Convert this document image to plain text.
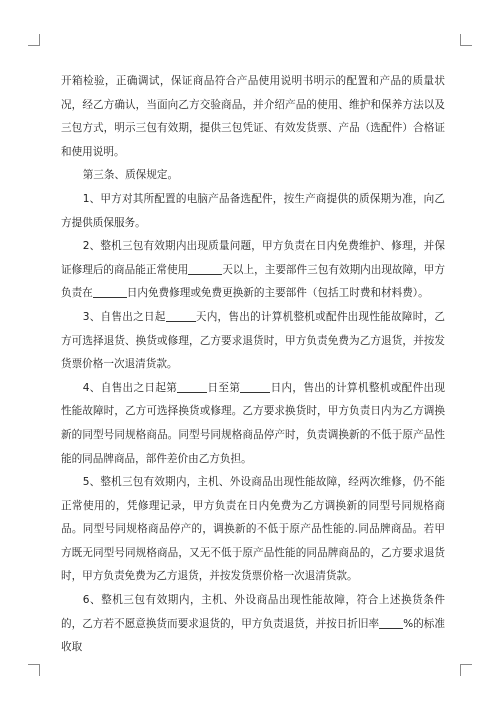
开箱检验，正确调试，保证商品符合产品使用说明书明示的配置和产品的质量状况，经乙方确认，当面向乙方交验商品，并介绍产品的使用、维护和保养方法以及三包方式，明示三包有效期，提供三包凭证、有效发货票、产品（选配件）合格证和使用说明。

第三条、质保规定。

1、甲方对其所配置的电脑产品备选配件，按生产商提供的质保期为准，向乙方提供质保服务。

2、整机三包有效期内出现质量问题，甲方负责在日内免费维护、修理，并保证修理后的商品能正常使用	天以上，主要部件三包有效期内出现故障，甲方负责在	日内免费修理或免费更换新的主要部件（包括工时费和材料费）。

3、自售出之日起	天内，售出的计算机整机或配件出现性能故障时，乙方可选择退货、换货或修理，乙方要求退货时，甲方负责免费为乙方退货，并按发货票价格一次退清货款。

4、自售出之日起第	日至第	日内，售出的计算机整机或配件出现性能故障时，乙方可选择换货或修理。乙方要求换货时，甲方负责日内为乙方调换新的同型号同规格商品。同型号同规格商品停产时，负责调换新的不低于原产品性能的同品牌商品，部件差价由乙方负担。

5、整机三包有效期内，主机、外设商品出现性能故障，经两次维修，仍不能正常使用的，凭修理记录，甲方负责在日内免费为乙方调换新的同型号同规格商品。同型号同规格商品停产的，调换新的不低于原产品性能的.同品牌商品。若甲方既无同型号同规格商品，又无不低于原产品性能的同品牌商品的，乙方要求退货时，甲方负责免费为乙方退货，并按发货票价格一次退清货款。

6、整机三包有效期内，主机、外设商品出现性能故障，符合上述换货条件的，乙方若不愿意换货而要求退货的，甲方负责退货，并按日折旧率 %的标准收取
